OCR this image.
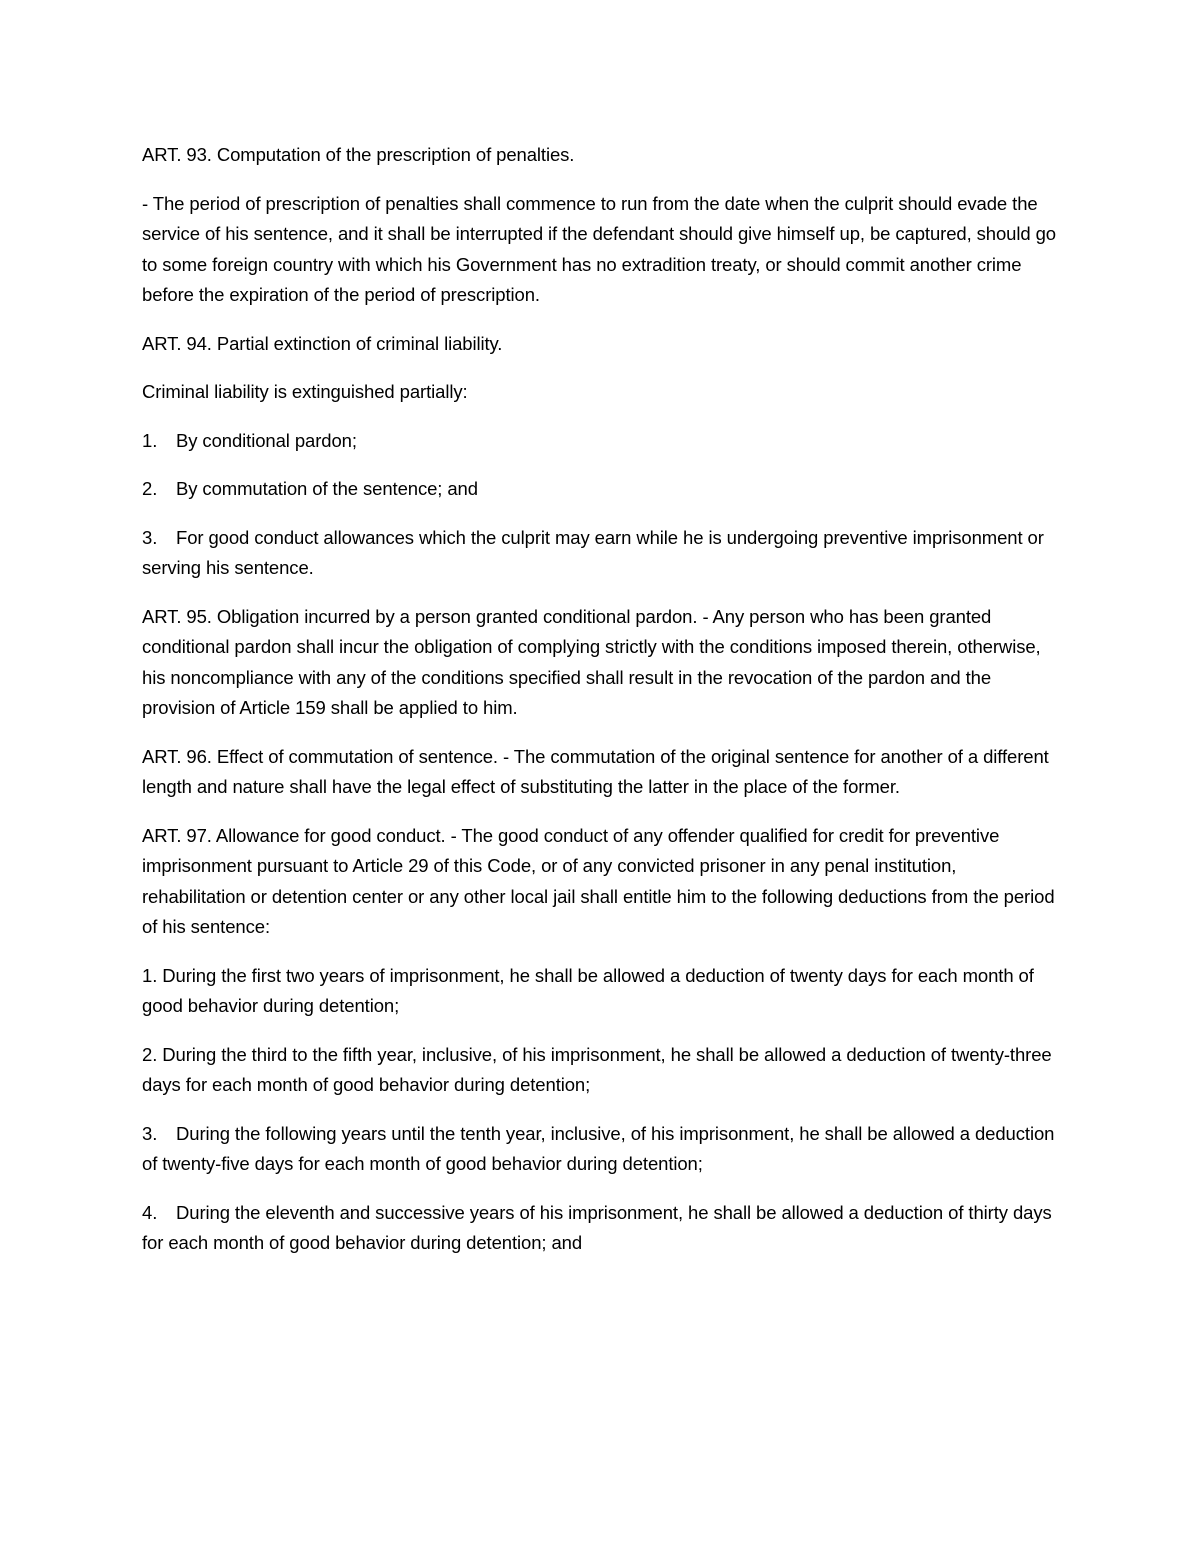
ART. 93. Computation of the prescription of penalties.

- The period of prescription of penalties shall commence to run from the date when the culprit should evade the service of his sentence, and it shall be interrupted if the defendant should give himself up, be captured, should go to some foreign country with which his Government has no extradition treaty, or should commit another crime before the expiration of the period of prescription.

ART. 94. Partial extinction of criminal liability.

Criminal liability is extinguished partially:

1. By conditional pardon;

2. By commutation of the sentence; and

3. For good conduct allowances which the culprit may earn while he is undergoing preventive imprisonment or serving his sentence.

ART. 95. Obligation incurred by a person granted conditional pardon. - Any person who has been granted conditional pardon shall incur the obligation of complying strictly with the conditions imposed therein, otherwise, his noncompliance with any of the conditions specified shall result in the revocation of the pardon and the provision of Article 159 shall be applied to him.

ART. 96. Effect of commutation of sentence. - The commutation of the original sentence for another of a different length and nature shall have the legal effect of substituting the latter in the place of the former.

ART. 97. Allowance for good conduct. - The good conduct of any offender qualified for credit for preventive imprisonment pursuant to Article 29 of this Code, or of any convicted prisoner in any penal institution, rehabilitation or detention center or any other local jail shall entitle him to the following deductions from the period of his sentence:

1. During the first two years of imprisonment, he shall be allowed a deduction of twenty days for each month of good behavior during detention;

2. During the third to the fifth year, inclusive, of his imprisonment, he shall be allowed a deduction of twenty-three days for each month of good behavior during detention;

3. During the following years until the tenth year, inclusive, of his imprisonment, he shall be allowed a deduction of twenty-five days for each month of good behavior during detention;

4. During the eleventh and successive years of his imprisonment, he shall be allowed a deduction of thirty days for each month of good behavior during detention; and
